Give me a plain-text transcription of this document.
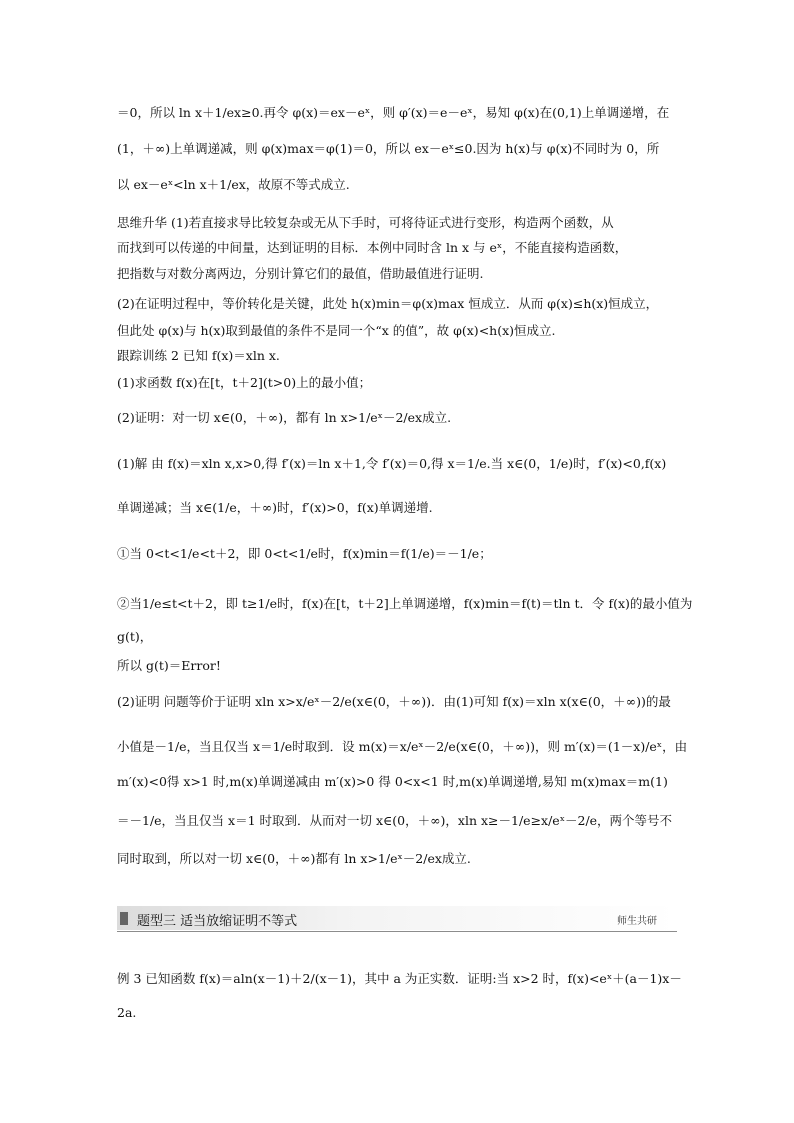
＝0，所以 ln x＋1/ex≥0.再令 φ(x)＝ex－eˣ，则 φ′(x)＝e－eˣ，易知 φ(x)在(0,1)上单调递增，在
(1，＋∞)上单调递减，则 φ(x)max＝φ(1)＝0，所以 ex－eˣ≤0.因为 h(x)与 φ(x)不同时为 0，所
以 ex－eˣ<ln x＋1/ex，故原不等式成立.
思维升华 (1)若直接求导比较复杂或无从下手时，可将待证式进行变形，构造两个函数，从
而找到可以传递的中间量，达到证明的目标．本例中同时含 ln x 与 eˣ，不能直接构造函数，
把指数与对数分离两边，分别计算它们的最值，借助最值进行证明.
(2)在证明过程中，等价转化是关键，此处 h(x)min＝φ(x)max 恒成立．从而 φ(x)≤h(x)恒成立，
但此处 φ(x)与 h(x)取到最值的条件不是同一个“x 的值”，故 φ(x)<h(x)恒成立.
跟踪训练 2 已知 f(x)＝xln x.
(1)求函数 f(x)在[t，t＋2](t>0)上的最小值；
(2)证明：对一切 x∈(0，＋∞)，都有 ln x>1/eˣ－2/ex成立.
(1)解 由 f(x)＝xln x,x>0,得 f′(x)＝ln x＋1,令 f′(x)＝0,得 x＝1/e.当 x∈(0，1/e)时，f′(x)<0,f(x)
单调递减；当 x∈(1/e，＋∞)时，f′(x)>0，f(x)单调递增.
①当 0<t<1/e<t＋2，即 0<t<1/e时，f(x)min＝f(1/e)＝－1/e；
②当1/e≤t<t＋2，即 t≥1/e时，f(x)在[t，t＋2]上单调递增，f(x)min＝f(t)＝tln t．令 f(x)的最小值为
g(t)，
所以 g(t)＝Error!
(2)证明 问题等价于证明 xln x>x/eˣ－2/e(x∈(0，＋∞))．由(1)可知 f(x)＝xln x(x∈(0，＋∞))的最
小值是－1/e，当且仅当 x＝1/e时取到．设 m(x)＝x/eˣ－2/e(x∈(0，＋∞))，则 m′(x)＝(1－x)/eˣ，由
m′(x)<0得 x>1 时,m(x)单调递减由 m′(x)>0 得 0<x<1 时,m(x)单调递增,易知 m(x)max＝m(1)
＝－1/e，当且仅当 x＝1 时取到．从而对一切 x∈(0，＋∞)，xln x≥－1/e≥x/eˣ－2/e，两个等号不
同时取到，所以对一切 x∈(0，＋∞)都有 ln x>1/eˣ－2/ex成立.
题型三 适当放缩证明不等式	师生共研
例 3 已知函数 f(x)＝aln(x－1)＋2/(x－1)，其中 a 为正实数．证明:当 x>2 时，f(x)<eˣ＋(a－1)x－
2a.
